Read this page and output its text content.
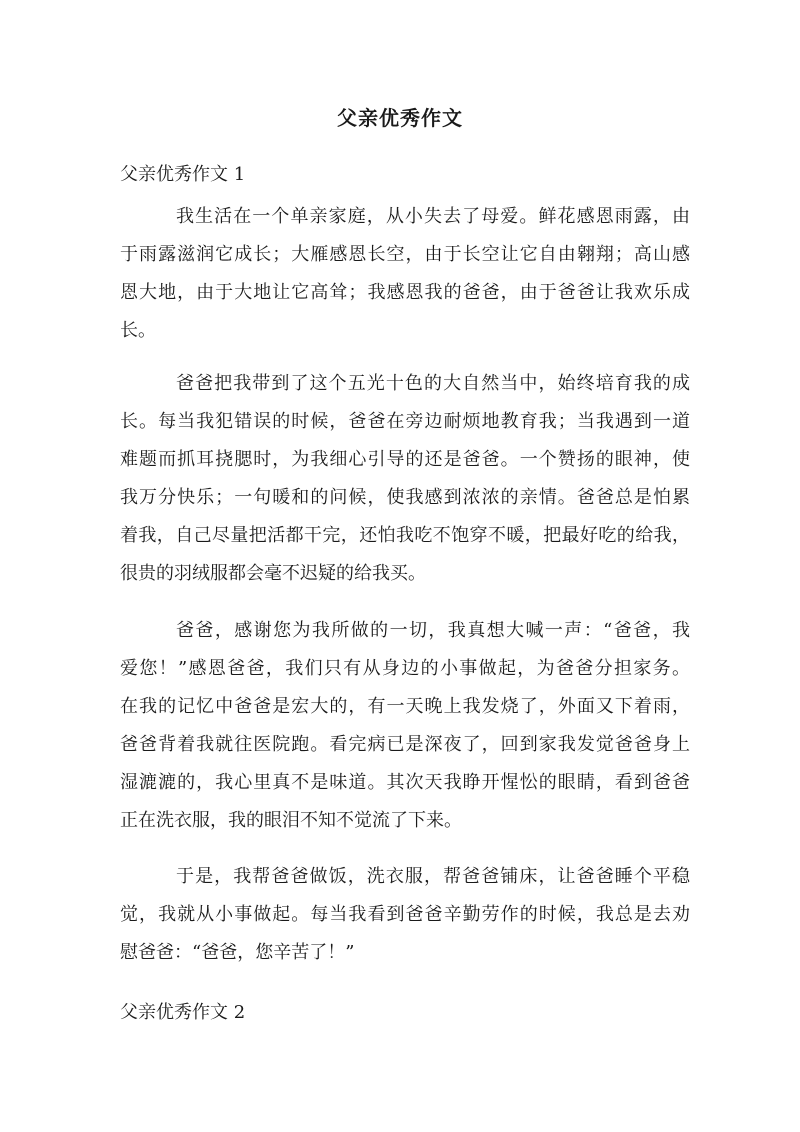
父亲优秀作文
父亲优秀作文 1
我生活在一个单亲家庭，从小失去了母爱。鲜花感恩雨露，由
于雨露滋润它成长；大雁感恩长空，由于长空让它自由翱翔；高山感
恩大地，由于大地让它高耸；我感恩我的爸爸，由于爸爸让我欢乐成
长。
爸爸把我带到了这个五光十色的大自然当中，始终培育我的成
长。每当我犯错误的时候，爸爸在旁边耐烦地教育我；当我遇到一道
难题而抓耳挠腮时，为我细心引导的还是爸爸。一个赞扬的眼神，使
我万分快乐；一句暖和的问候，使我感到浓浓的亲情。爸爸总是怕累
着我，自己尽量把活都干完，还怕我吃不饱穿不暖，把最好吃的给我，
很贵的羽绒服都会毫不迟疑的给我买。
爸爸，感谢您为我所做的一切，我真想大喊一声：“爸爸，我
爱您！”感恩爸爸，我们只有从身边的小事做起，为爸爸分担家务。
在我的记忆中爸爸是宏大的，有一天晚上我发烧了，外面又下着雨，
爸爸背着我就往医院跑。看完病已是深夜了，回到家我发觉爸爸身上
湿漉漉的，我心里真不是味道。其次天我睁开惺忪的眼睛，看到爸爸
正在洗衣服，我的眼泪不知不觉流了下来。
于是，我帮爸爸做饭，洗衣服，帮爸爸铺床，让爸爸睡个平稳
觉，我就从小事做起。每当我看到爸爸辛勤劳作的时候，我总是去劝
慰爸爸：“爸爸，您辛苦了！”
父亲优秀作文 2
